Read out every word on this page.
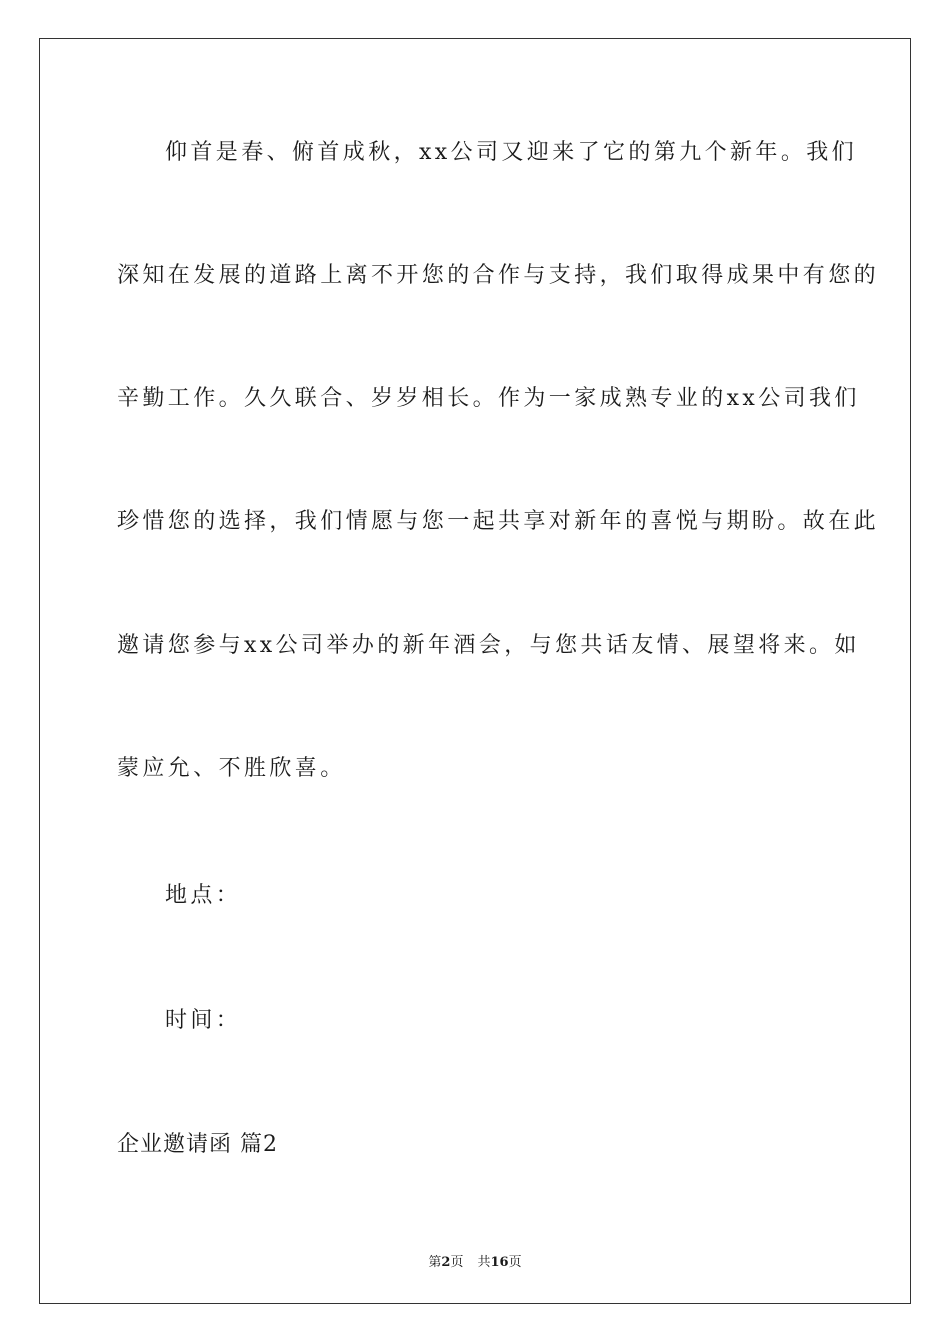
仰首是春、俯首成秋，xx公司又迎来了它的第九个新年。我们
深知在发展的道路上离不开您的合作与支持，我们取得成果中有您的
辛勤工作。久久联合、岁岁相长。作为一家成熟专业的xx公司我们
珍惜您的选择，我们情愿与您一起共享对新年的喜悦与期盼。故在此
邀请您参与xx公司举办的新年酒会，与您共话友情、展望将来。如
蒙应允、不胜欣喜。
地点：
时间：
企业邀请函 篇2
第2页 共16页
